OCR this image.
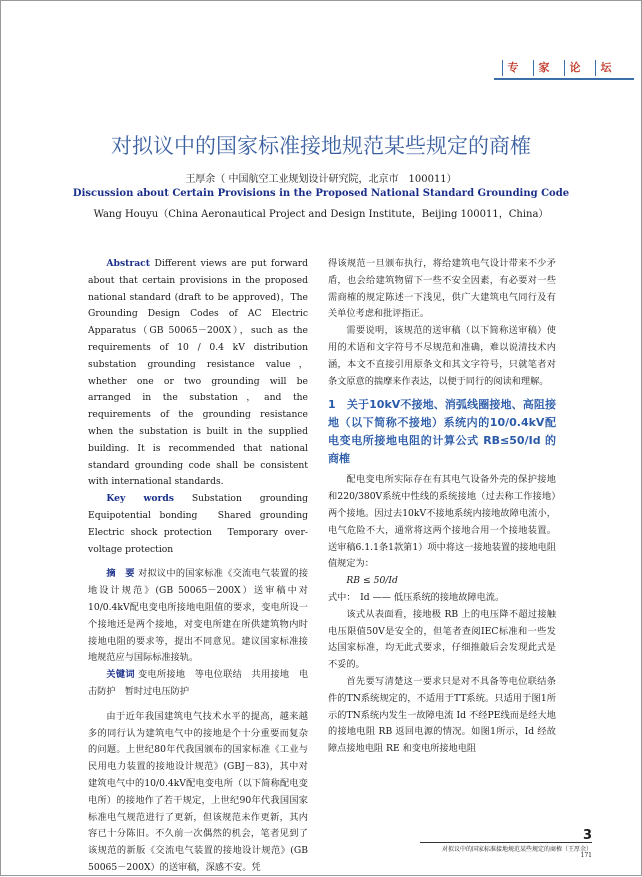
专	家	论	坛
对拟议中的国家标准接地规范某些规定的商榷
王厚余（ 中国航空工业规划设计研究院，北京市　100011）
Discussion about Certain Provisions in the Proposed National Standard Grounding Code
Wang Houyu（China Aeronautical Project and Design Institute，Beijing 100011，China）

Abstract Different views are put forward about that certain provisions in the proposed national standard (draft to be approved)，The Grounding Design Codes of AC Electric Apparatus（GB 50065－200X），such as the requirements of 10 / 0.4 kV distribution substation grounding resistance value，whether one or two grounding will be arranged in the substation，and the requirements of the grounding resistance when the substation is built in the supplied building. It is recommended that national standard grounding code shall be consistent with international standards.

Key words Substation grounding　Equipotential bonding　Shared grounding　Electric shock protection　Temporary over-voltage protection

摘　要 对拟议中的国家标准《交流电气装置的接地设计规范》(GB 50065－200X）送审稿中对10/0.4kV配电变电所接地电阻值的要求，变电所设一个接地还是两个接地，对变电所建在所供建筑物内时接地电阻的要求等，提出不同意见。建议国家标准接地规范应与国际标准接轨。

关键词 变电所接地　等电位联结　共用接地　电击防护　暂时过电压防护

由于近年我国建筑电气技术水平的提高，越来越多的同行认为建筑电气中的接地是个十分重要而复杂的问题。上世纪80年代我国颁布的国家标准《工业与民用电力装置的接地设计规范》(GBJ－83)，其中对建筑电气中的10/0.4kV配电变电所（以下简称配电变电所）的接地作了若干规定，上世纪90年代我国国家标准电气规范进行了更新，但该规范未作更新，其内容已十分陈旧。不久前一次偶然的机会，笔者见到了该规范的新版《交流电气装置的接地设计规范》(GB 50065－200X）的送审稿，深感不安。凭

得该规范一旦颁布执行，将给建筑电气设计带来不少矛盾，也会给建筑物留下一些不安全因素，有必要对一些需商榷的规定陈述一下浅见，供广大建筑电气同行及有关单位考虑和批评指正。

需要说明，该规范的送审稿（以下简称送审稿）使用的术语和文字符号不尽规范和准确，难以说清技术内涵，本文不直接引用原条文和其文字符号，只就笔者对条文原意的揣摩来作表达，以便于同行的阅读和理解。

1　关于10kV不接地、消弧线圈接地、高阻接地（以下简称不接地）系统内的10/0.4kV配电变电所接地电阻的计算公式 RB≤50/Id 的商榷

配电变电所实际存在有其电气设备外壳的保护接地和220/380V系统中性线的系统接地（过去称工作接地）两个接地。因过去10kV不接地系统内接地故障电流小，电气危险不大，通常将这两个接地合用一个接地装置。送审稿6.1.1条1款第1）项中将这一接地装置的接地电阻值规定为：

RB ≤ 50/Id

式中：　Id —— 低压系统的接地故障电流。

该式从表面看，接地极 RB 上的电压降不超过接触电压限值50V是安全的，但笔者查阅IEC标准和一些发达国家标准，均无此式要求，仔细推敲后会发现此式是不妥的。

首先要写清楚这一要求只是对不具备等电位联结条件的TN系统规定的，不适用于TT系统。只适用于图1所示的TN系统内发生一故障电流 Id 不经PE线而是经大地的接地电阻 RB 返回电源的情况。如图1所示，Id 经故障点接地电阻 RE 和变电所接地电阻

3
对拟议中的国家标准接地规范某些规定的商榷（王厚余）
171
